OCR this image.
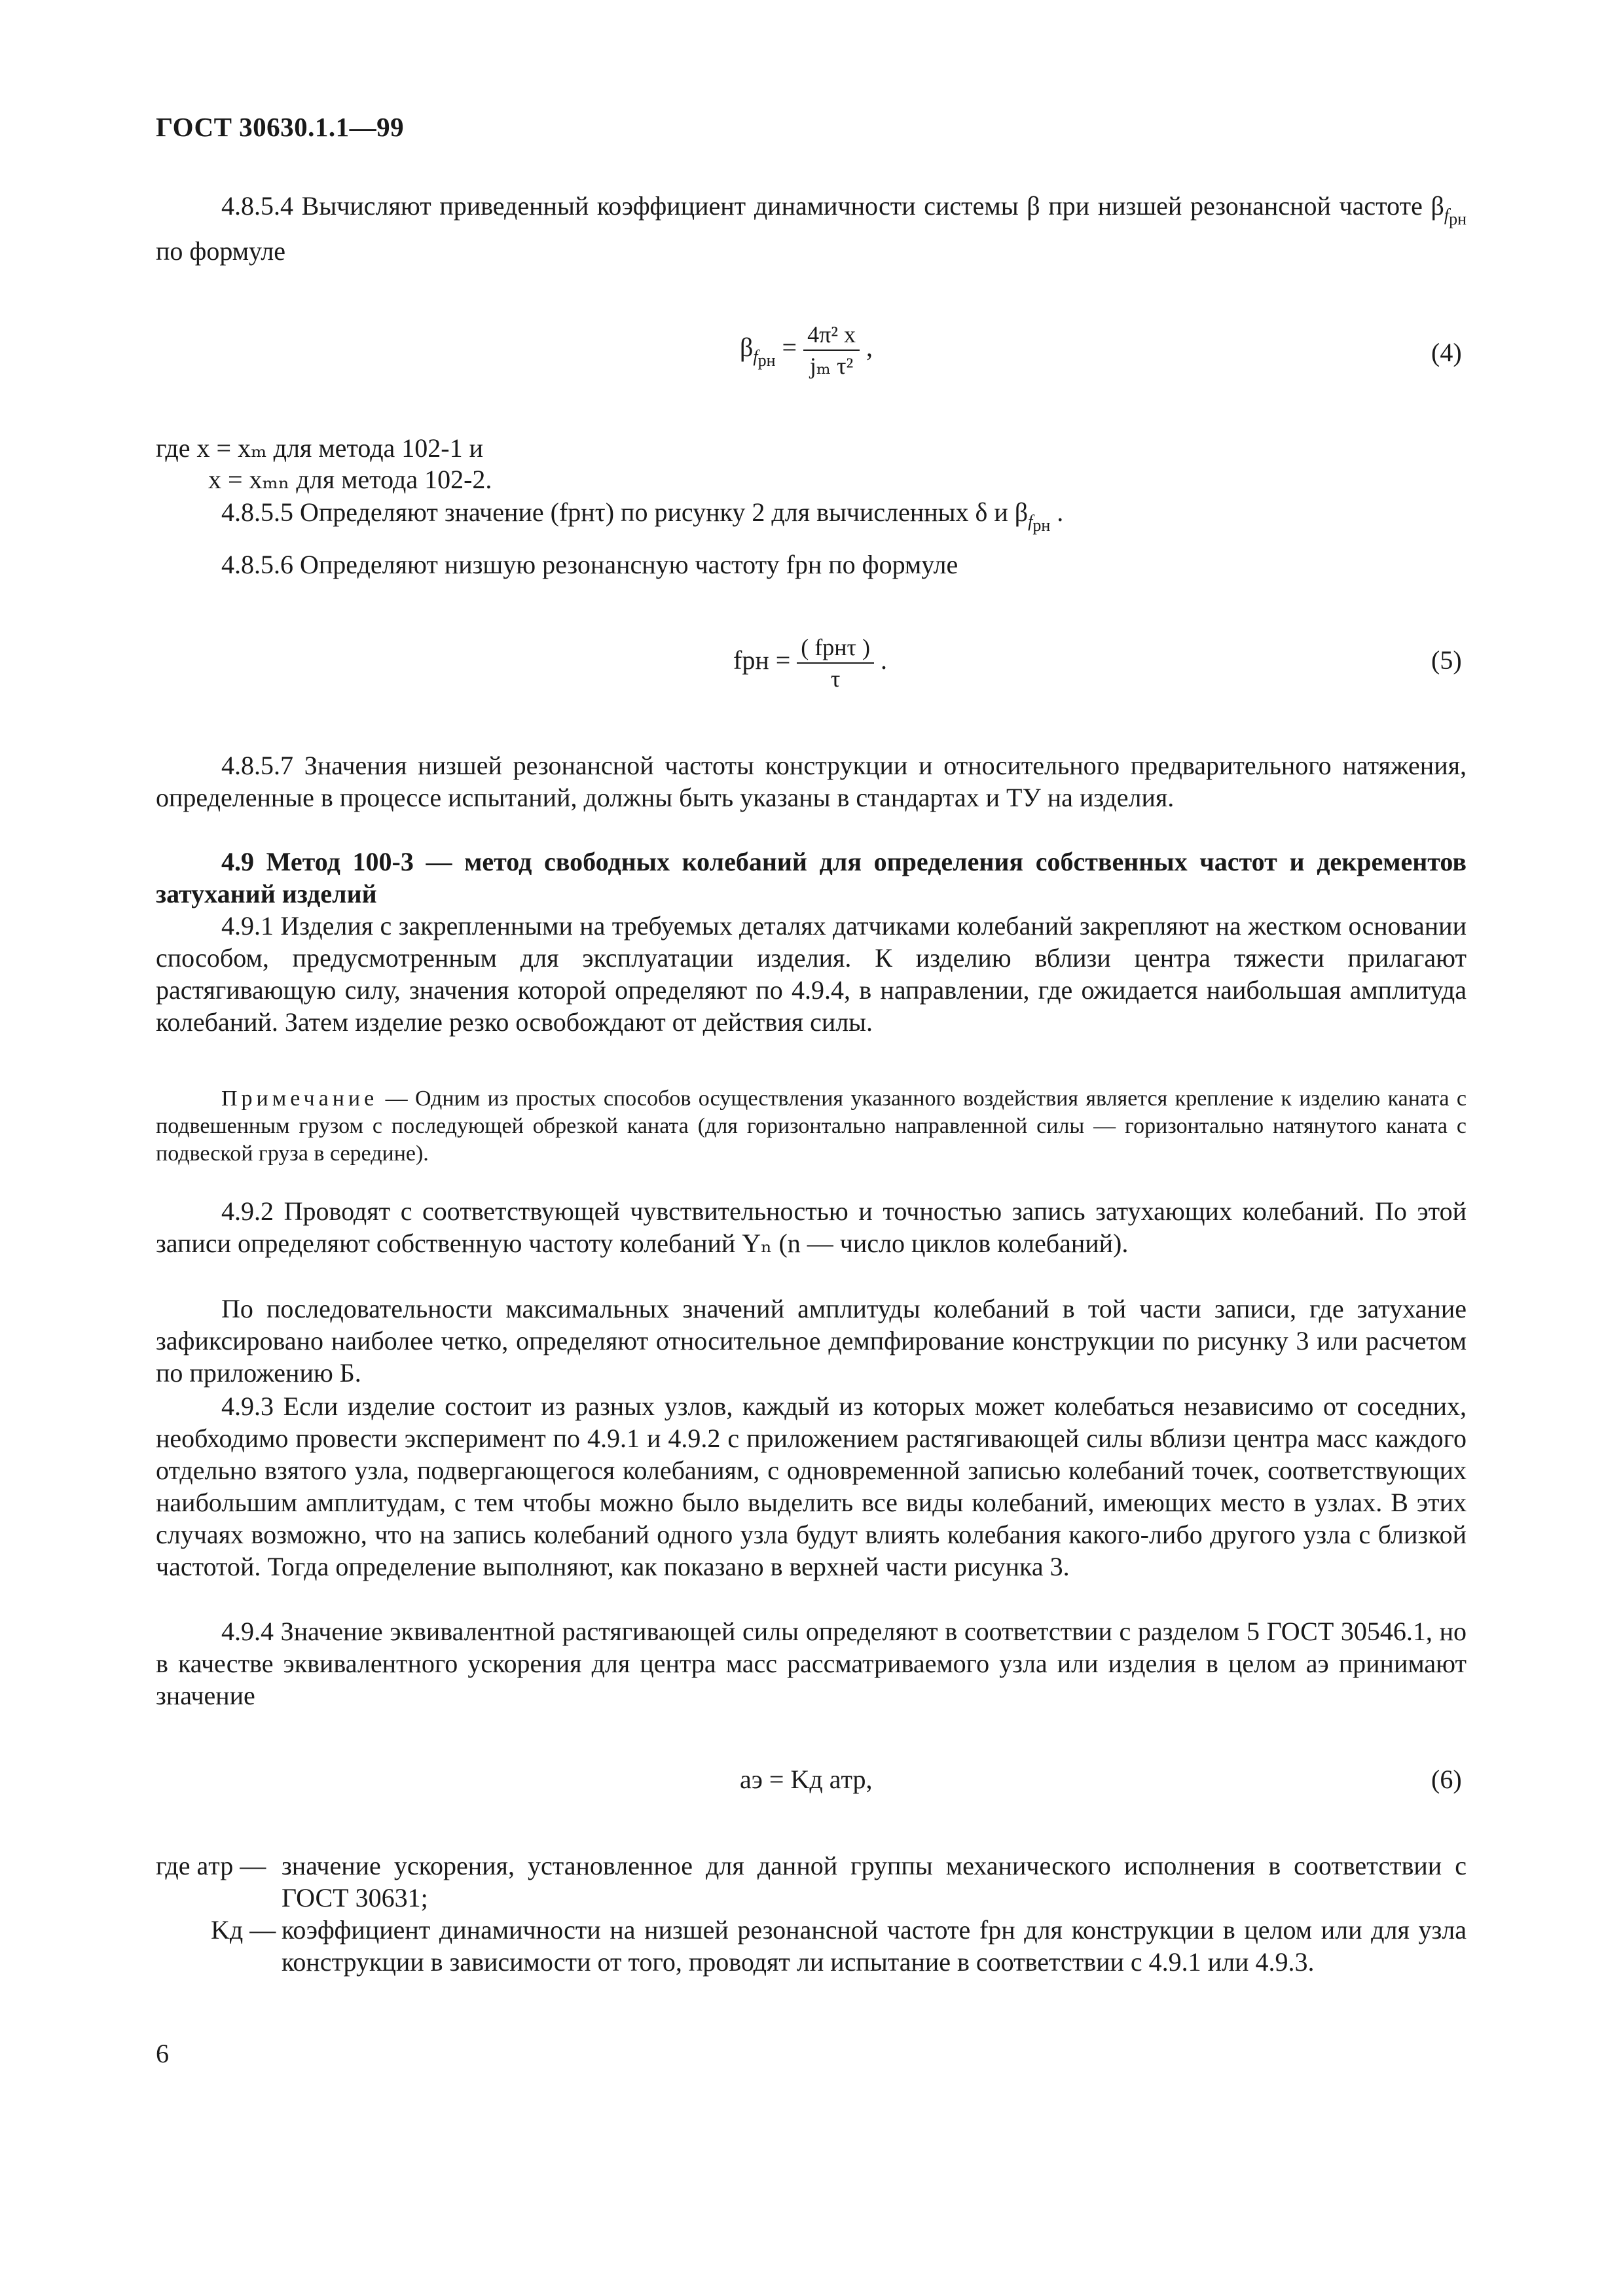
ГОСТ 30630.1.1—99

4.8.5.4 Вычисляют приведенный коэффициент динамичности системы β при низшей резонансной частоте $\beta_{f_{рн}}$ по формуле

$\beta_{f_{рн}} = \frac{\text{4π² x}}{\text{jₘ τ²}}$ ,	(4)
где x = xₘ для метода 102-1 и
x = xₘₙ для метода 102-2.

4.8.5.5 Определяют значение (fрнτ) по рисунку 2 для вычисленных δ и $\beta_{f_{рн}}$ .

4.8.5.6 Определяют низшую резонансную частоту fрн по формуле

fрн = $\frac{\text{( fрнτ )}}{\tau}$ .	(5)

4.8.5.7 Значения низшей резонансной частоты конструкции и относительного предварительного натяжения, определенные в процессе испытаний, должны быть указаны в стандартах и ТУ на изделия.

4.9 Метод 100-3 — метод свободных колебаний для определения собственных частот и декрементов затуханий изделий

4.9.1 Изделия с закрепленными на требуемых деталях датчиками колебаний закрепляют на жестком основании способом, предусмотренным для эксплуатации изделия. К изделию вблизи центра тяжести прилагают растягивающую силу, значения которой определяют по 4.9.4, в направлении, где ожидается наибольшая амплитуда колебаний. Затем изделие резко освобождают от действия силы.

Примечание — Одним из простых способов осуществления указанного воздействия является крепление к изделию каната с подвешенным грузом с последующей обрезкой каната (для горизонтально направленной силы — горизонтально натянутого каната с подвеской груза в середине).

4.9.2 Проводят с соответствующей чувствительностью и точностью запись затухающих колебаний. По этой записи определяют собственную частоту колебаний Yₙ (n — число циклов колебаний).

По последовательности максимальных значений амплитуды колебаний в той части записи, где затухание зафиксировано наиболее четко, определяют относительное демпфирование конструкции по рисунку 3 или расчетом по приложению Б.

4.9.3 Если изделие состоит из разных узлов, каждый из которых может колебаться независимо от соседних, необходимо провести эксперимент по 4.9.1 и 4.9.2 с приложением растягивающей силы вблизи центра масс каждого отдельно взятого узла, подвергающегося колебаниям, с одновременной записью колебаний точек, соответствующих наибольшим амплитудам, с тем чтобы можно было выделить все виды колебаний, имеющих место в узлах. В этих случаях возможно, что на запись колебаний одного узла будут влиять колебания какого-либо другого узла с близкой частотой. Тогда определение выполняют, как показано в верхней части рисунка 3.

4.9.4 Значение эквивалентной растягивающей силы определяют в соответствии с разделом 5 ГОСТ 30546.1, но в качестве эквивалентного ускорения для центра масс рассматриваемого узла или изделия в целом aэ принимают значение

aэ = Kд aтр,	(6)
где aтр — значение ускорения, установленное для данной группы механического исполнения в соответствии с ГОСТ 30631;
Kд — коэффициент динамичности на низшей резонансной частоте fрн для конструкции в целом или для узла конструкции в зависимости от того, проводят ли испытание в соответствии с 4.9.1 или 4.9.3.
6
